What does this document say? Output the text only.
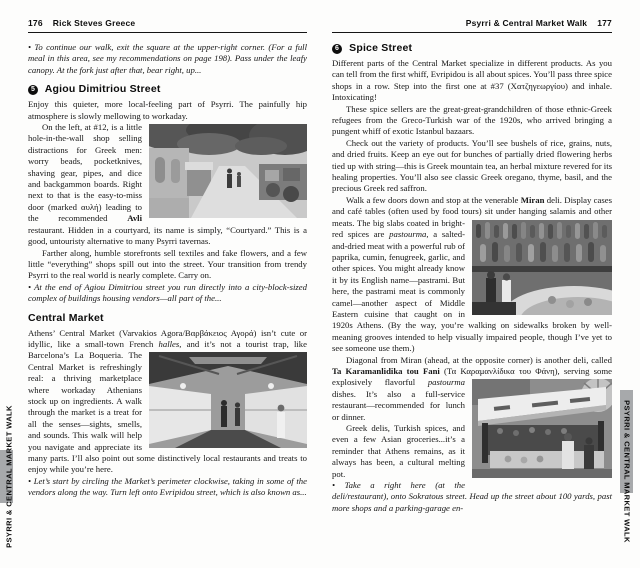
176 Rick Steves Greece

• To continue our walk, exit the square at the upper-right corner. (For a full meal in this area, see my recommendations on page 198). Pass under the leafy canopy. At the fork just after that, bear right, up...

5 Agiou Dimitriou Street

Enjoy this quieter, more local-feeling part of Psyrri. The painfully hip atmosphere is slowly mellowing to workaday.

On the left, at #12, is a little hole-in-the-wall shop selling distractions for Greek men: worry beads, pocketknives, shaving gear, pipes, and dice and backgammon boards. Right next to that is the easy-to-miss door (marked αυλή) leading to the recommended Avli restaurant. Hidden in a courtyard, its name is simply, “Courtyard.” This is a good, untouristy alternative to many Psyrri tavernas.

Farther along, humble storefronts sell textiles and fake flowers, and a few little “everything” shops spill out into the street. Your transition from trendy Psyrri to the real world is nearly complete. Carry on.

• At the end of Agiou Dimitriou street you run directly into a city-block-sized complex of buildings housing vendors—all part of the...

Central Market

Athens’ Central Market (Varvakios Agora/Βαρβάκειος Αγορά) isn’t cute or idyllic, like a small-town French halles, and it’s not a
tourist trap, like Barcelona’s La Boqueria. The Central Market is refreshingly real: a thriving marketplace where workaday Athenians stock up on ingredients. A walk through the market is a treat for all the senses—sights, smells, and sounds. This walk will help you navigate and appreciate its many parts. I’ll also point out some distinctively local restaurants and treats to enjoy while you’re here.

• Let’s start by circling the Market’s perimeter clockwise, taking in some of the vendors along the way. Turn left onto Evripidou street, which is also known as...

Psyrri & Central Market Walk 177
6 Spice Street

Different parts of the Central Market specialize in different products. As you can tell from the first whiff, Evripidou is all about spices. You’ll pass three spice shops in a row. Step into the first one at #37 (Χατζηγεωργίου) and inhale. Intoxicating!

These spice sellers are the great-great-grandchildren of those ethnic-Greek refugees from the Greco-Turkish war of the 1920s, who arrived bringing a pungent whiff of exotic Istanbul bazaars.

Check out the variety of products. You’ll see bushels of rice, grains, nuts, and dried fruits. Keep an eye out for bunches of partially dried flowering herbs tied up with string—this is Greek mountain tea, an herbal mixture revered for its healing properties. You’ll also see classic Greek oregano, thyme, basil, and the precious Greek red saffron.

Walk a few doors down and stop at the venerable Miran deli. Display cases and café tables (often used by food tours) sit under
hanging salamis and other meats. The big slabs coated in bright-red spices are pastourma, a salted-and-dried meat with a powerful rub of paprika, cumin, fenugreek, garlic, and other spices. You might already know it by its English name—pastrami. But here, the pastrami meat is commonly camel—another aspect of Middle Eastern cuisine that caught on in 1920s Athens. (By the way, you’re walking on sidewalks broken by well-meaning grooves intended to help visually impaired people, though I’ve yet to see someone use them.)

Diagonal from Miran (ahead, at the opposite corner) is another deli, called Ta Karamanlidika tou Fani (Τα Καραμανλίδικα
του Φάνη), serving some explosively flavorful pastourma dishes. It’s also a full-service restaurant—recommended for lunch or dinner.

Greek delis, Turkish spices, and even a few Asian groceries...it’s a reminder that Athens remains, as it always has been, a cultural melting pot.

• Take a right here (at the deli/restaurant), onto Sokratous street. Head up the street about 100 yards, past more shops and a parking-garage en-

PSYRRI & CENTRAL MARKET WALK	PSYRRI & CENTRAL MARKET WALK
